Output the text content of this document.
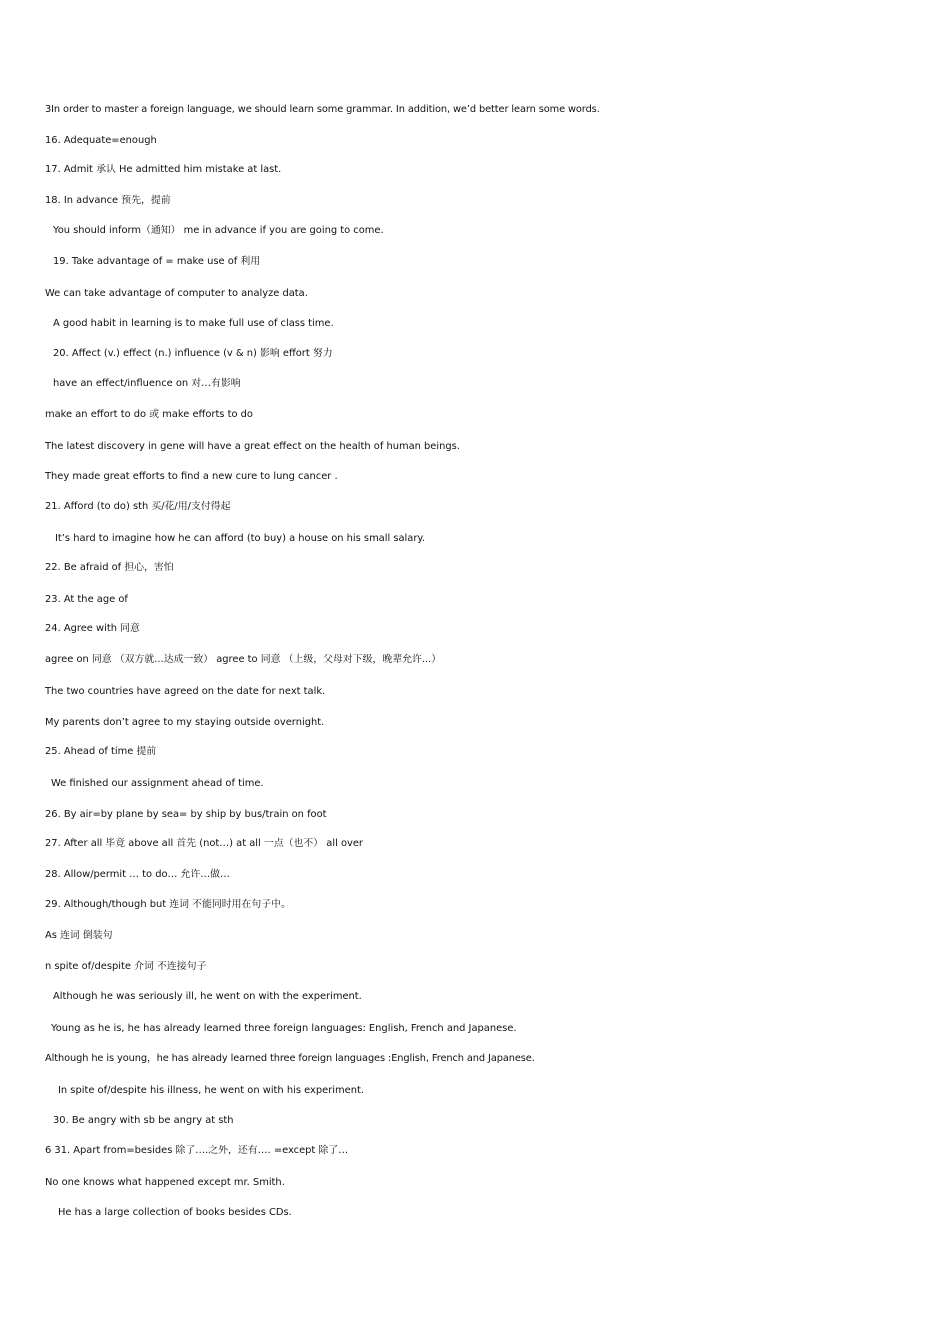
3In order to master a foreign language, we should learn some grammar. In addition, we’d better learn some words.
16. Adequate=enough
17. Admit 承认 He admitted him mistake at last.
18. In advance 预先，提前
You should inform（通知） me in advance if you are going to come.
19. Take advantage of = make use of 利用
We can take advantage of computer to analyze data.
A good habit in learning is to make full use of class time.
20. Affect (v.) effect (n.) influence (v & n) 影响 effort 努力
have an effect/influence on 对…有影响
make an effort to do 或 make efforts to do
The latest discovery in gene will have a great effect on the health of human beings.
They made great efforts to find a new cure to lung cancer .
21. Afford (to do) sth 买/花/用/支付得起
It’s hard to imagine how he can afford (to buy) a house on his small salary.
22. Be afraid of 担心，害怕
23. At the age of
24. Agree with 同意
agree on 同意 （双方就...达成一致） agree to 同意 （上级，父母对下级，晚辈允许...）
The two countries have agreed on the date for next talk.
My parents don’t agree to my staying outside overnight.
25. Ahead of time 提前
We finished our assignment ahead of time.
26. By air=by plane by sea= by ship by bus/train on foot
27. After all 毕竟 above all 首先 (not…) at all 一点（也不） all over
28. Allow/permit … to do… 允许…做…
29. Although/though but 连词 不能同时用在句子中。
As 连词 倒装句
n spite of/despite 介词 不连接句子
Although he was seriously ill, he went on with the experiment.
Young as he is, he has already learned three foreign languages: English, French and Japanese.
Although he is young，he has already learned three foreign languages :English, French and Japanese.
In spite of/despite his illness, he went on with his experiment.
30. Be angry with sb be angry at sth
6 31. Apart from=besides 除了….之外，还有…. =except 除了…
No one knows what happened except mr. Smith.
He has a large collection of books besides CDs.
